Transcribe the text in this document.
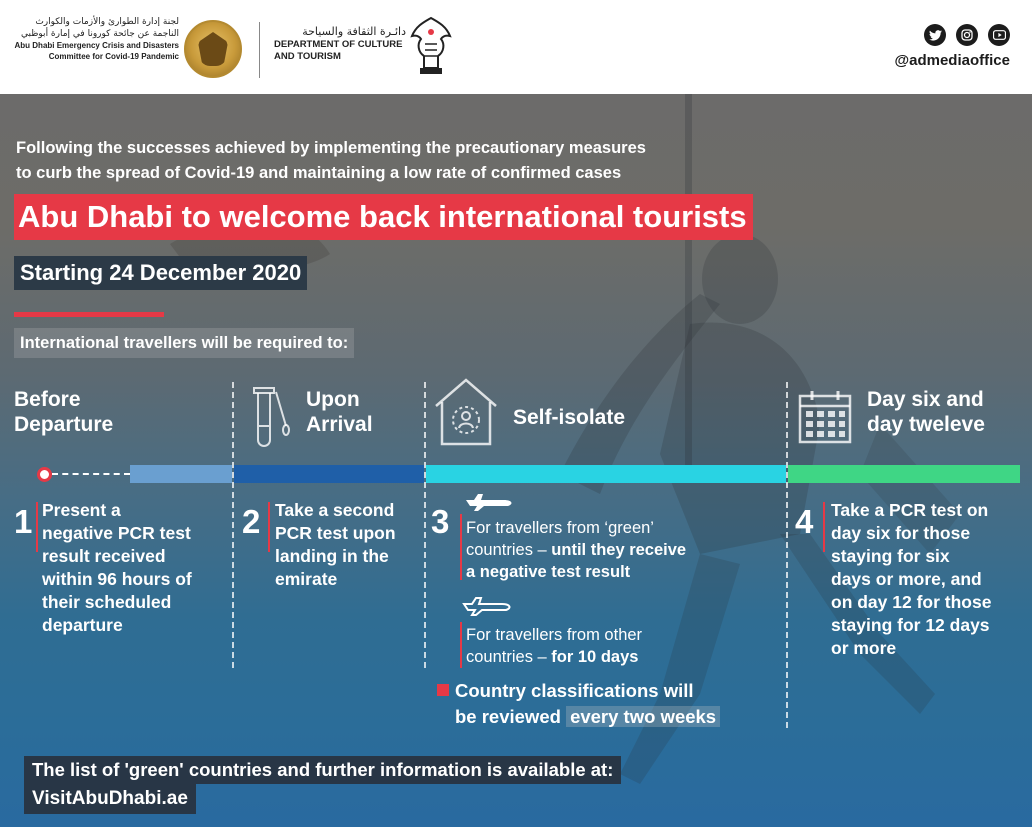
لجنة إدارة الطوارئ والأزمات والكوارث
الناجمة عن جائحة كورونا في إمارة أبوظبي
Abu Dhabi Emergency Crisis and Disasters
Committee for Covid-19 Pandemic
دائـرة الثقافة والسياحة
DEPARTMENT OF CULTURE
AND TOURISM	@admediaoffice
Following the successes achieved by implementing the precautionary measures
to curb the spread of Covid-19 and maintaining a low rate of confirmed cases
Abu Dhabi to welcome back international tourists
Starting 24 December 2020
International travellers will be required to:
Before
Departure
Upon
Arrival	Self-isolate
Day six and
day tweleve
1 Present a
negative PCR test
result received
within 96 hours of
their scheduled
departure
2 Take a second
PCR test upon
landing in the
emirate
3 For travellers from ‘green’
countries – until they receive
a negative test result
For travellers from other
countries – for 10 days
Country classifications will
be reviewed every two weeks
4 Take a PCR test on
day six for those
staying for six
days or more, and
on day 12 for those
staying for 12 days
or more
The list of 'green' countries and further information is available at:
VisitAbuDhabi.ae
